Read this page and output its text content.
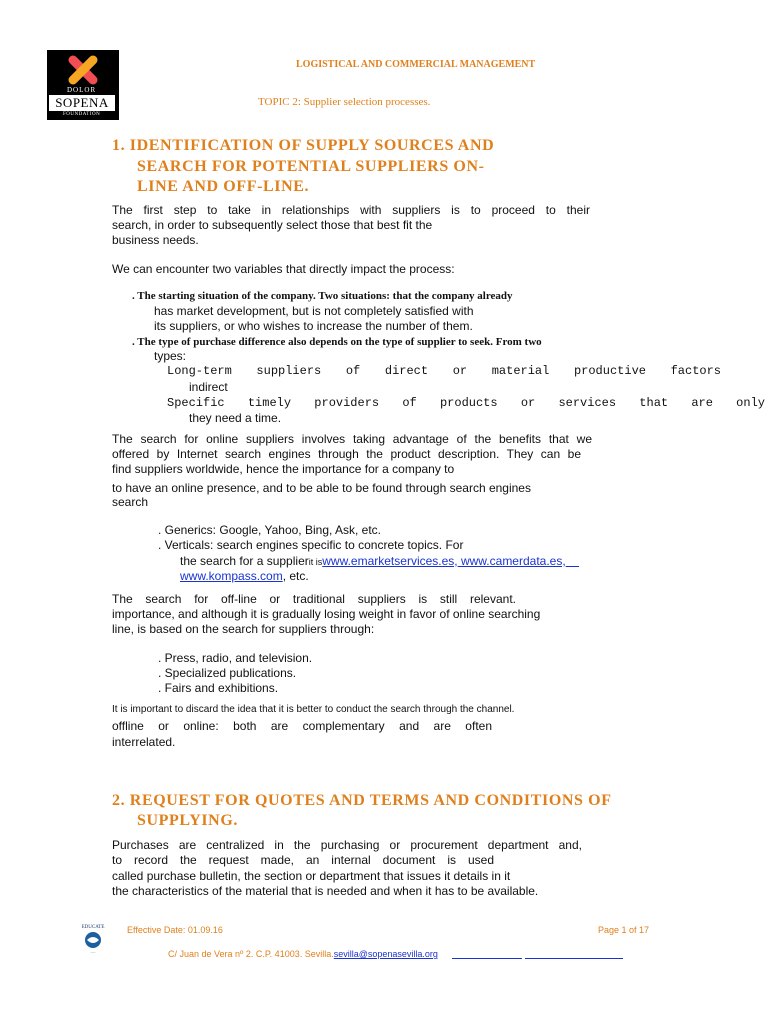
DOLOR
SOPENA
FOUNDATION
LOGISTICAL AND COMMERCIAL MANAGEMENT
TOPIC 2: Supplier selection processes.
1. IDENTIFICATION OF SUPPLY SOURCES AND
SEARCH FOR POTENTIAL SUPPLIERS ON-
LINE AND OFF-LINE.
The first step to take in relationships with suppliers is to proceed to their
search, in order to subsequently select those that best fit the
business needs.
We can encounter two variables that directly impact the process:
. The starting situation of the company. Two situations: that the company already
has market development, but is not completely satisfied with
its suppliers, or who wishes to increase the number of them.
. The type of purchase difference also depends on the type of supplier to seek. From two
types:
Long-term suppliers of direct or material productive factors
indirect
Specific timely providers of products or services that are only
they need a time.
The search for online suppliers involves taking advantage of the benefits that we
offered by Internet search engines through the product description. They can be
find suppliers worldwide, hence the importance for a company to
to have an online presence, and to be able to be found through search engines
search
. Generics: Google, Yahoo, Bing, Ask, etc.
. Verticals: search engines specific to concrete topics. For
the search for a supplierit iswww.emarketservices.es, www.camerdata.es,
www.kompass.com, etc.
The search for off-line or traditional suppliers is still relevant.
importance, and although it is gradually losing weight in favor of online searching
line, is based on the search for suppliers through:
. Press, radio, and television.
. Specialized publications.
. Fairs and exhibitions.
It is important to discard the idea that it is better to conduct the search through the channel.
offline or online: both are complementary and are often
interrelated.
2. REQUEST FOR QUOTES AND TERMS AND CONDITIONS OF
SUPPLYING.
Purchases are centralized in the purchasing or procurement department and,
to record the request made, an internal document is used
called purchase bulletin, the section or department that issues it details in it
the characteristics of the material that is needed and when it has to be available.
EDUCATE
····
Effective Date: 01.09.16	Page 1 of 17
C/ Juan de Vera nº 2. C.P. 41003. Sevilla.sevilla@sopenasevilla.org
